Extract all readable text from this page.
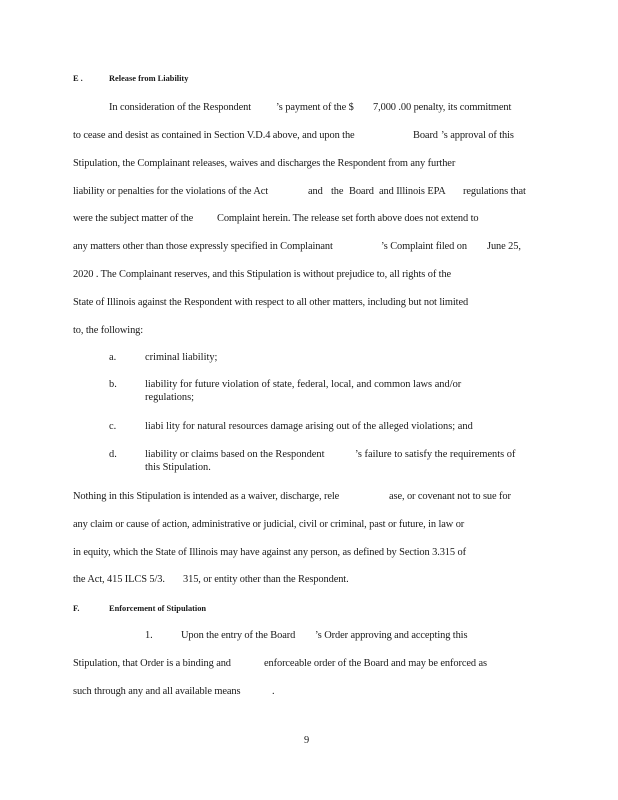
E .	Release from Liability
In consideration of the Respondent ’s payment of the $ 7,000 .00 penalty, its commitment
to cease and desist as contained in Section V.D.4 above, and upon the	Board ’s approval of this
Stipulation, the Complainant releases, waives and discharges the Respondent from any further
liability or penalties for the violations of the Act	and the Board and Illinois EPA regulations that
were the subject matter of the Complaint herein. The release set forth above does not extend to
any matters other than those expressly specified in Complainant	’s Complaint filed on June 25,
2020 . The Complainant reserves, and this Stipulation is without prejudice to, all rights of the
State of Illinois against the Respondent with respect to all other matters, including but not limited
to, the following:
a.	criminal liability;
b.	liability for future violation of state, federal, local, and common laws and/or
regulations;
c.	liabi lity for natural resources damage arising out of the alleged violations; and
d.	liability or claims based on the Respondent	’s failure to satisfy the requirements of
this Stipulation.
Nothing in this Stipulation is intended as a waiver, discharge, rele	ase, or covenant not to sue for
any claim or cause of action, administrative or judicial, civil or criminal, past or future, in law or
in equity, which the State of Illinois may have against any person, as defined by Section 3.315 of
the Act, 415 ILCS 5/3. 315, or entity other than the Respondent.
F.	Enforcement of Stipulation
1.	Upon the entry of the Board ’s Order approving and accepting this
Stipulation, that Order is a binding and	enforceable order of the Board and may be enforced as
such through any and all available means	.
9
